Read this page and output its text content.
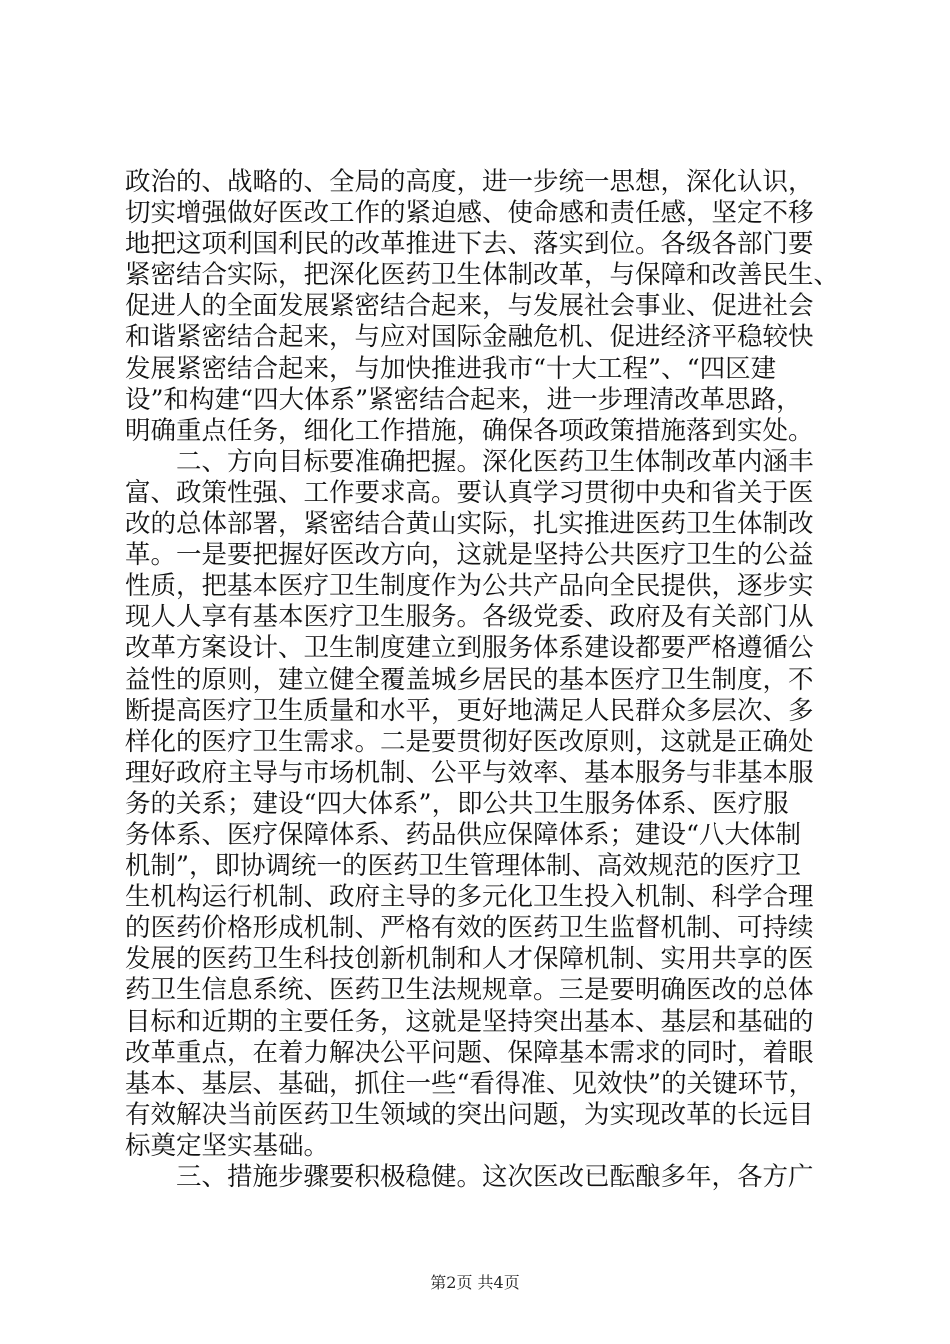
政治的、战略的、全局的高度，进一步统一思想，深化认识，
切实增强做好医改工作的紧迫感、使命感和责任感，坚定不移
地把这项利国利民的改革推进下去、落实到位。各级各部门要
紧密结合实际，把深化医药卫生体制改革，与保障和改善民生、
促进人的全面发展紧密结合起来，与发展社会事业、促进社会
和谐紧密结合起来，与应对国际金融危机、促进经济平稳较快
发展紧密结合起来，与加快推进我市“十大工程”、“四区建
设”和构建“四大体系”紧密结合起来，进一步理清改革思路，
明确重点任务，细化工作措施，确保各项政策措施落到实处。
二、方向目标要准确把握。深化医药卫生体制改革内涵丰
富、政策性强、工作要求高。要认真学习贯彻中央和省关于医
改的总体部署，紧密结合黄山实际，扎实推进医药卫生体制改
革。一是要把握好医改方向，这就是坚持公共医疗卫生的公益
性质，把基本医疗卫生制度作为公共产品向全民提供，逐步实
现人人享有基本医疗卫生服务。各级党委、政府及有关部门从
改革方案设计、卫生制度建立到服务体系建设都要严格遵循公
益性的原则，建立健全覆盖城乡居民的基本医疗卫生制度，不
断提高医疗卫生质量和水平，更好地满足人民群众多层次、多
样化的医疗卫生需求。二是要贯彻好医改原则，这就是正确处
理好政府主导与市场机制、公平与效率、基本服务与非基本服
务的关系；建设“四大体系”，即公共卫生服务体系、医疗服
务体系、医疗保障体系、药品供应保障体系；建设“八大体制
机制”，即协调统一的医药卫生管理体制、高效规范的医疗卫
生机构运行机制、政府主导的多元化卫生投入机制、科学合理
的医药价格形成机制、严格有效的医药卫生监督机制、可持续
发展的医药卫生科技创新机制和人才保障机制、实用共享的医
药卫生信息系统、医药卫生法规规章。三是要明确医改的总体
目标和近期的主要任务，这就是坚持突出基本、基层和基础的
改革重点，在着力解决公平问题、保障基本需求的同时，着眼
基本、基层、基础，抓住一些“看得准、见效快”的关键环节，
有效解决当前医药卫生领域的突出问题，为实现改革的长远目
标奠定坚实基础。
三、措施步骤要积极稳健。这次医改已酝酿多年，各方广
第2页 共4页
